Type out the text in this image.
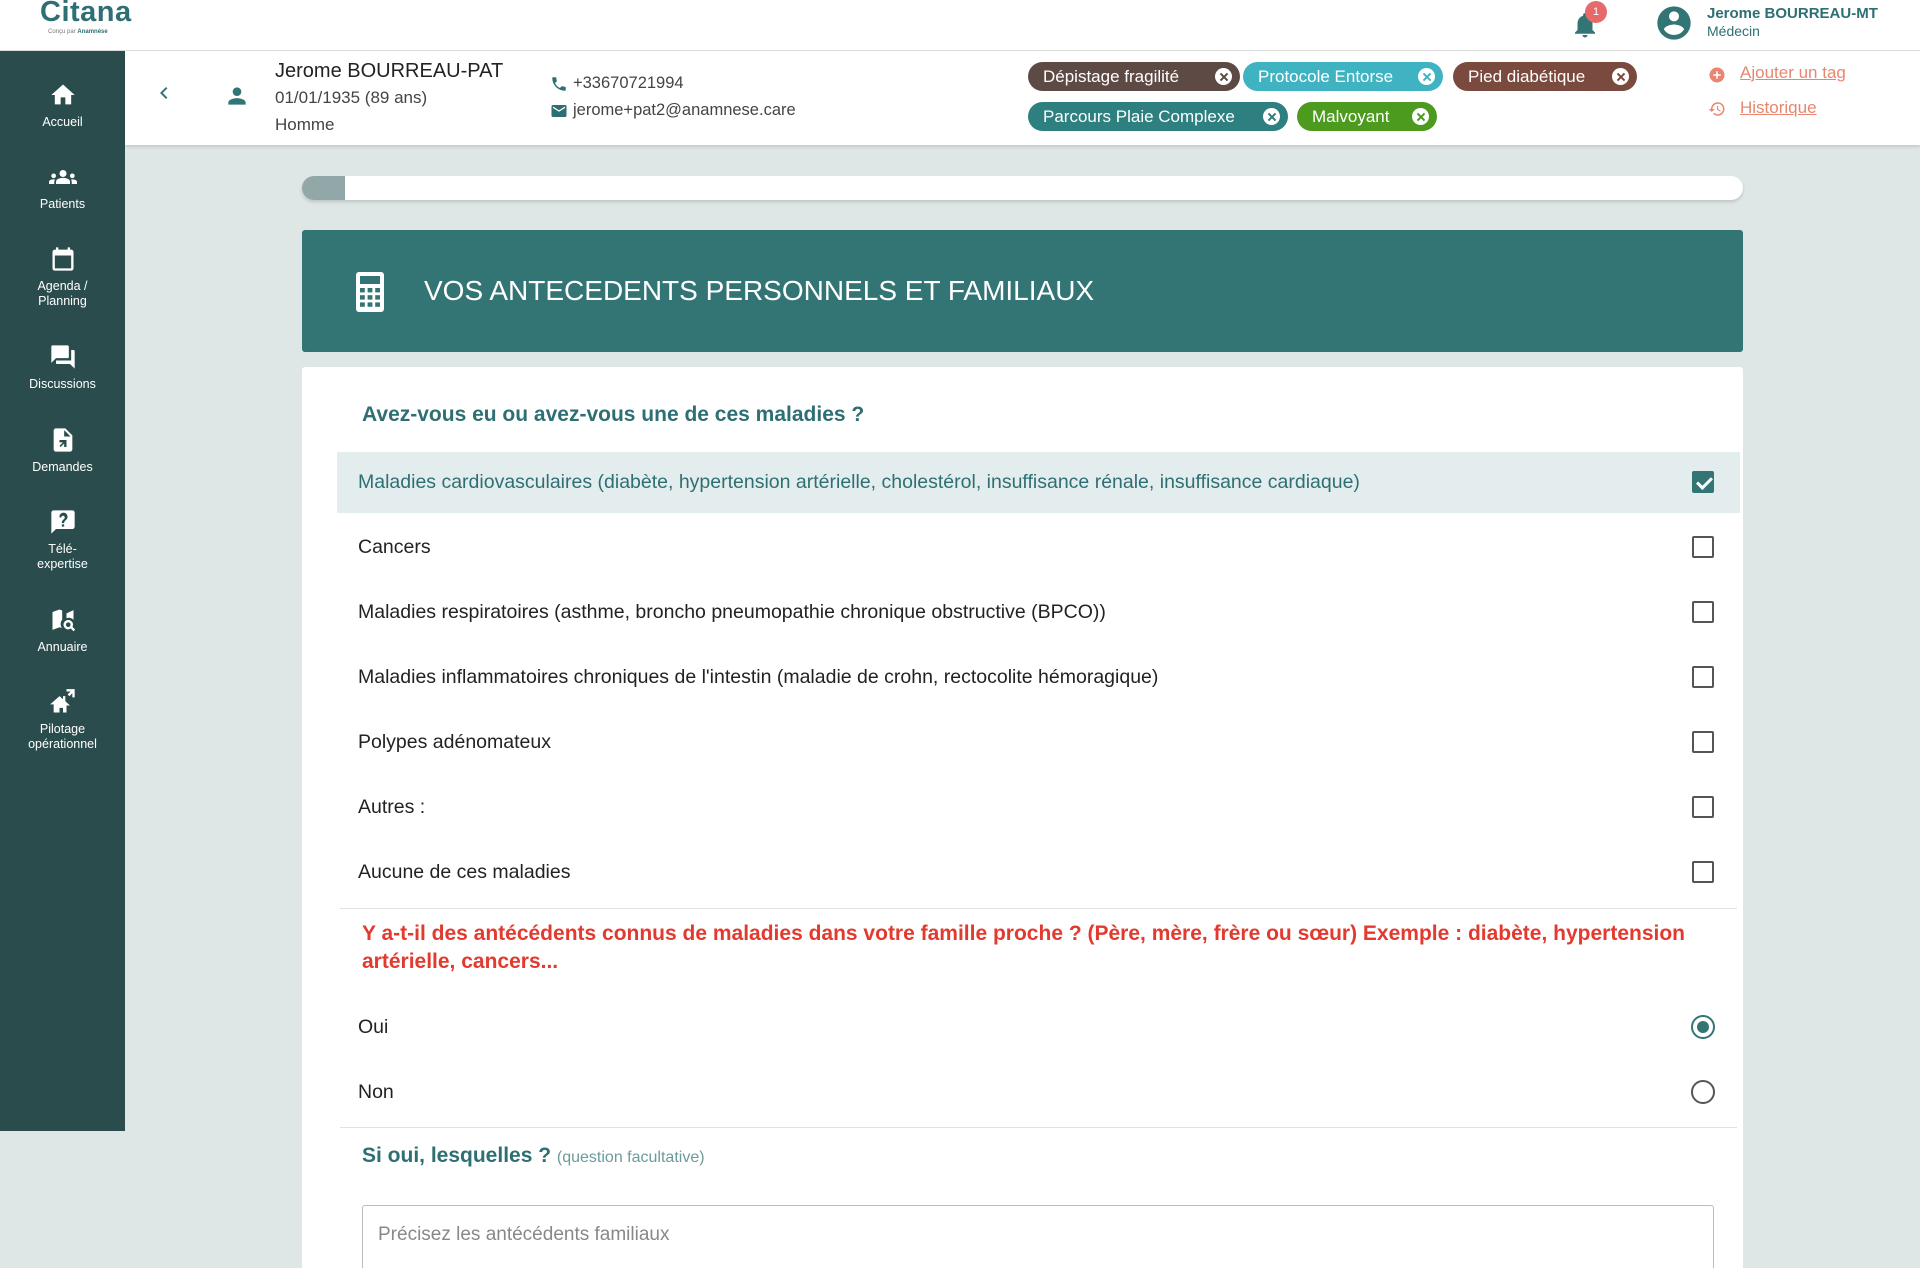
Citana
Conçu par Anamnèse
1	Jerome BOURREAU-MT
Médecin
Accueil
Patients
Agenda / Planning
Discussions
Demandes
Télé-expertise
Annuaire
Pilotage opérationnel
Jerome BOURREAU-PAT
01/01/1935 (89 ans)
Homme
+33670721994
jerome+pat2@anamnese.care
Dépistage fragilité	Protocole Entorse	Pied diabétique
Parcours Plaie Complexe	Malvoyant
Ajouter un tag
Historique
VOS ANTECEDENTS PERSONNELS ET FAMILIAUX
Avez-vous eu ou avez-vous une de ces maladies ?
Maladies cardiovasculaires (diabète, hypertension artérielle, cholestérol, insuffisance rénale, insuffisance cardiaque)
Cancers
Maladies respiratoires (asthme, broncho pneumopathie chronique obstructive (BPCO))
Maladies inflammatoires chroniques de l'intestin (maladie de crohn, rectocolite hémoragique)
Polypes adénomateux
Autres :
Aucune de ces maladies
Y a-t-il des antécédents connus de maladies dans votre famille proche ? (Père, mère, frère ou sœur) Exemple : diabète, hypertension artérielle, cancers...
Oui
Non
Si oui, lesquelles ? (question facultative)
Précisez les antécédents familiaux
